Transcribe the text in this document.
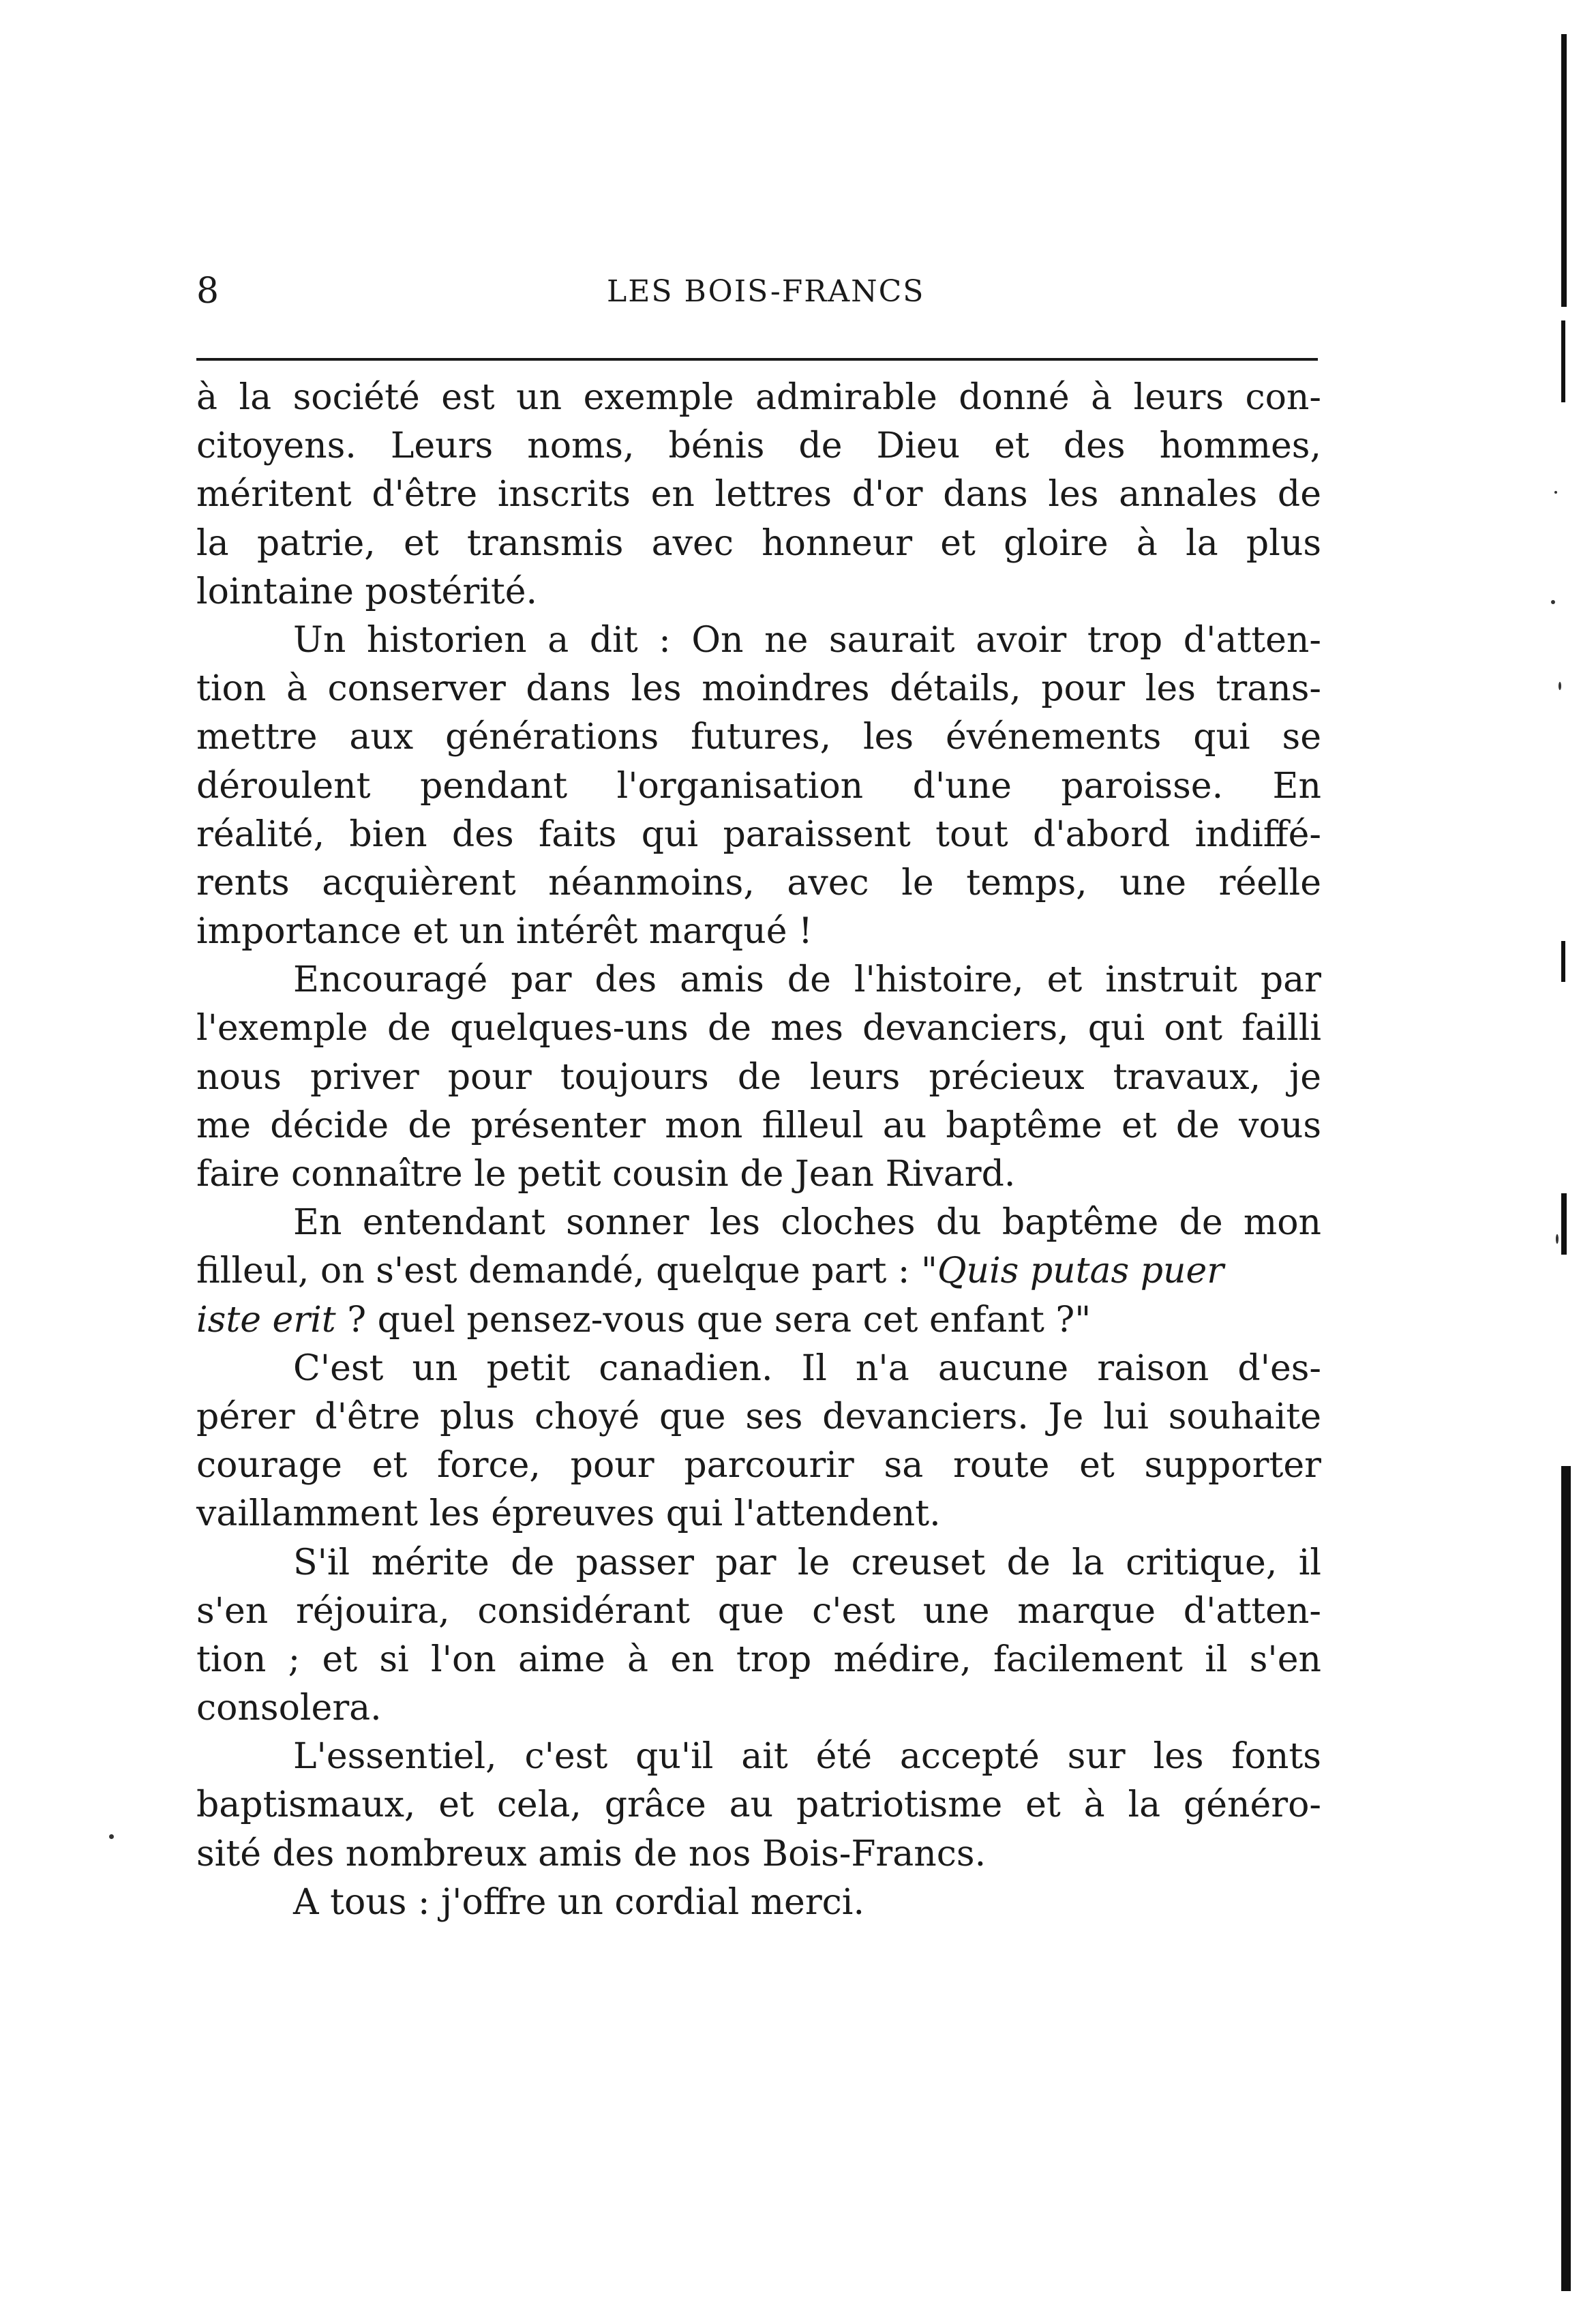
8	LES BOIS-FRANCS
à la société est un exemple admirable donné à leurs con-
citoyens. Leurs noms, bénis de Dieu et des hommes,
méritent d'être inscrits en lettres d'or dans les annales de
la patrie, et transmis avec honneur et gloire à la plus
lointaine postérité.
Un historien a dit : On ne saurait avoir trop d'atten-
tion à conserver dans les moindres détails, pour les trans-
mettre aux générations futures, les événements qui se
déroulent pendant l'organisation d'une paroisse. En
réalité, bien des faits qui paraissent tout d'abord indiffé-
rents acquièrent néanmoins, avec le temps, une réelle
importance et un intérêt marqué !
Encouragé par des amis de l'histoire, et instruit par
l'exemple de quelques-uns de mes devanciers, qui ont failli
nous priver pour toujours de leurs précieux travaux, je
me décide de présenter mon filleul au baptême et de vous
faire connaître le petit cousin de Jean Rivard.
En entendant sonner les cloches du baptême de mon
filleul, on s'est demandé, quelque part : "Quis putas puer
iste erit ? quel pensez-vous que sera cet enfant ?"
C'est un petit canadien. Il n'a aucune raison d'es-
pérer d'être plus choyé que ses devanciers. Je lui souhaite
courage et force, pour parcourir sa route et supporter
vaillamment les épreuves qui l'attendent.
S'il mérite de passer par le creuset de la critique, il
s'en réjouira, considérant que c'est une marque d'atten-
tion ; et si l'on aime à en trop médire, facilement il s'en
consolera.
L'essentiel, c'est qu'il ait été accepté sur les fonts
baptismaux, et cela, grâce au patriotisme et à la généro-
sité des nombreux amis de nos Bois-Francs.
A tous : j'offre un cordial merci.
